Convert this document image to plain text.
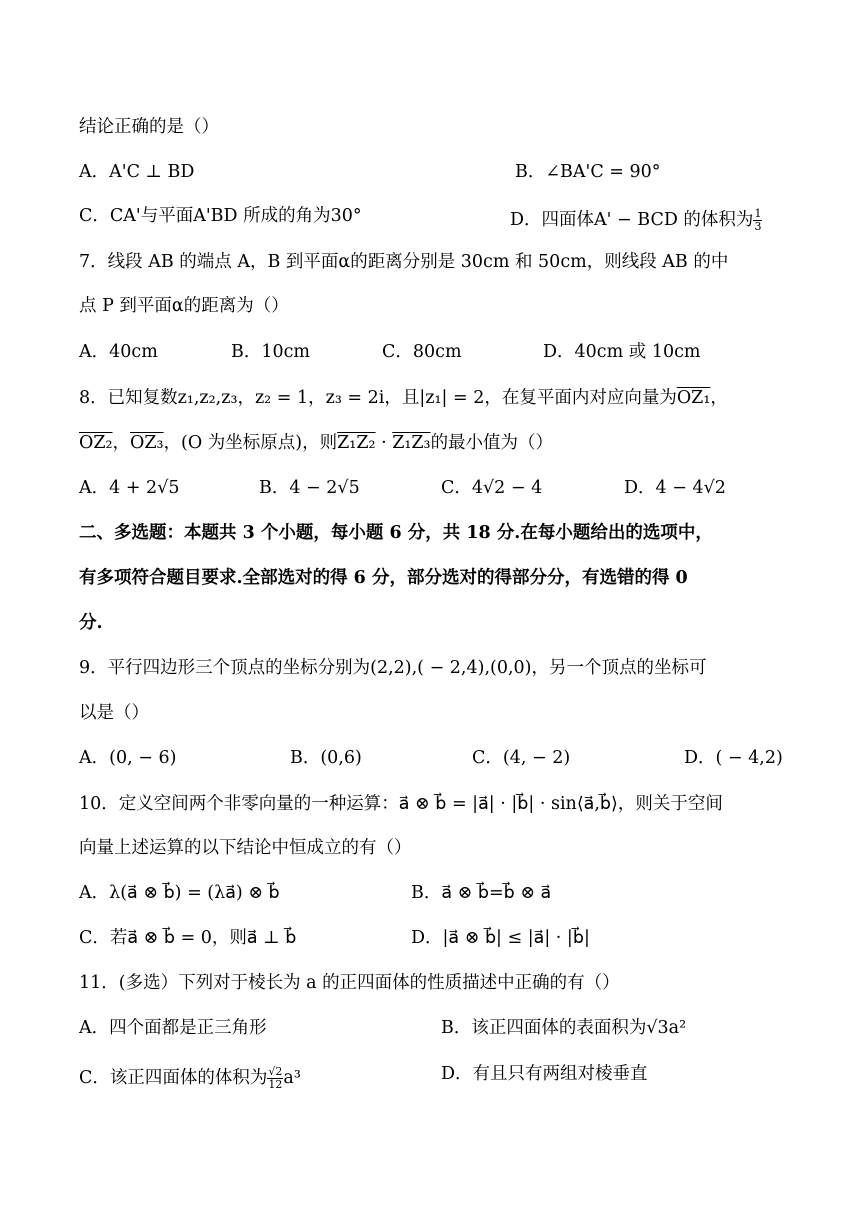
结论正确的是（）
A．A'C ⊥ BD	B．∠BA'C = 90°
C．CA'与平面A'BD 所成的角为30°	D．四面体A' − BCD 的体积为 $\frac{1}{3}$
7．线段 AB 的端点 A，B 到平面α的距离分别是 30cm 和 50cm，则线段 AB 的中
点 P 到平面α的距离为（）
A．40cm	B．10cm	C．80cm	D．40cm 或 10cm
8．已知复数z₁,z₂,z₃，z₂ = 1，z₃ = 2i，且|z₁| = 2，在复平面内对应向量为OZ₁，
OZ₂，OZ₃，(O 为坐标原点)，则Z₁Z₂ · Z₁Z₃的最小值为（）
A．4 + 2√5	B．4 − 2√5	C．4√2 − 4	D．4 − 4√2
二、多选题：本题共 3 个小题，每小题 6 分，共 18 分.在每小题给出的选项中，
有多项符合题目要求.全部选对的得 6 分，部分选对的得部分分，有选错的得 0
分.
9．平行四边形三个顶点的坐标分别为(2,2),( − 2,4),(0,0)，另一个顶点的坐标可
以是（）
A．(0, − 6)	B．(0,6)	C．(4, − 2)	D．( − 4,2)
10．定义空间两个非零向量的一种运算：a⃗ ⊗ b⃗ = |a⃗| · |b⃗| · sin⟨a⃗,b⃗⟩，则关于空间
向量上述运算的以下结论中恒成立的有（）
A．λ(a⃗ ⊗ b⃗) = (λa⃗) ⊗ b⃗	B．a⃗ ⊗ b⃗=b⃗ ⊗ a⃗
C．若a⃗ ⊗ b⃗ = 0，则a⃗ ⊥ b⃗	D．|a⃗ ⊗ b⃗| ≤ |a⃗| · |b⃗|
11．(多选）下列对于棱长为 a 的正四面体的性质描述中正确的有（）
A．四个面都是正三角形	B．该正四面体的表面积为√3a²
C．该正四面体的体积为 $\frac{√2}{12} a^3$	D．有且只有两组对棱垂直
